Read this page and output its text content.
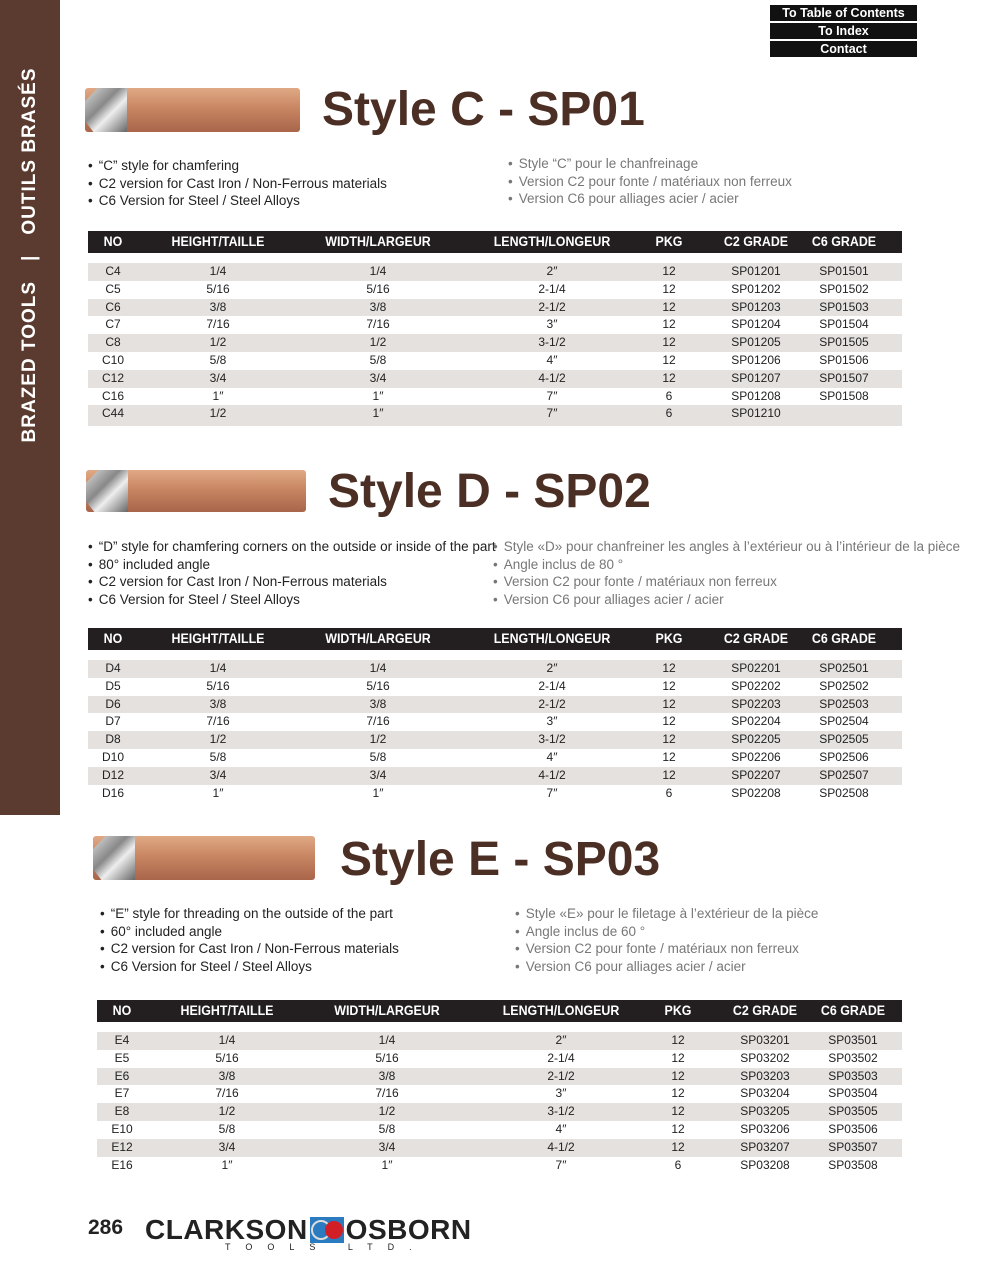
BRAZED TOOLS|OUTILS BRASÉS
To Table of Contents
To Index
Contact
Style C - SP01
• “C” style for chamfering
• C2 version for Cast Iron / Non-Ferrous materials
• C6 Version for Steel / Steel Alloys
• Style “C” pour le chanfreinage
• Version C2 pour fonte / matériaux non ferreux
• Version C6 pour alliages acier / acier
NO	HEIGHT/TAILLE	WIDTH/LARGEUR	LENGTH/LONGEUR	PKG	C2 GRADE	C6 GRADE
C4	1/4	1/4	2″	12	SP01201	SP01501
C5	5/16	5/16	2-1/4	12	SP01202	SP01502
C6	3/8	3/8	2-1/2	12	SP01203	SP01503
C7	7/16	7/16	3″	12	SP01204	SP01504
C8	1/2	1/2	3-1/2	12	SP01205	SP01505
C10	5/8	5/8	4″	12	SP01206	SP01506
C12	3/4	3/4	4-1/2	12	SP01207	SP01507
C16	1″	1″	7″	6	SP01208	SP01508
C44	1/2	1″	7″	6	SP01210
Style D - SP02
• “D” style for chamfering corners on the outside or inside of the part
• 80° included angle
• C2 version for Cast Iron / Non-Ferrous materials
• C6 Version for Steel / Steel Alloys
• Style «D» pour chanfreiner les angles à l’extérieur ou à l’intérieur de la pièce
• Angle inclus de 80 °
• Version C2 pour fonte / matériaux non ferreux
• Version C6 pour alliages acier / acier
NO	HEIGHT/TAILLE	WIDTH/LARGEUR	LENGTH/LONGEUR	PKG	C2 GRADE	C6 GRADE
D4	1/4	1/4	2″	12	SP02201	SP02501
D5	5/16	5/16	2-1/4	12	SP02202	SP02502
D6	3/8	3/8	2-1/2	12	SP02203	SP02503
D7	7/16	7/16	3″	12	SP02204	SP02504
D8	1/2	1/2	3-1/2	12	SP02205	SP02505
D10	5/8	5/8	4″	12	SP02206	SP02506
D12	3/4	3/4	4-1/2	12	SP02207	SP02507
D16	1″	1″	7″	6	SP02208	SP02508
Style E - SP03
• “E” style for threading on the outside of the part
• 60° included angle
• C2 version for Cast Iron / Non-Ferrous materials
• C6 Version for Steel / Steel Alloys
• Style «E» pour le filetage à l’extérieur de la pièce
• Angle inclus de 60 °
• Version C2 pour fonte / matériaux non ferreux
• Version C6 pour alliages acier / acier
NO	HEIGHT/TAILLE	WIDTH/LARGEUR	LENGTH/LONGEUR	PKG	C2 GRADE	C6 GRADE
E4	1/4	1/4	2″	12	SP03201	SP03501
E5	5/16	5/16	2-1/4	12	SP03202	SP03502
E6	3/8	3/8	2-1/2	12	SP03203	SP03503
E7	7/16	7/16	3″	12	SP03204	SP03504
E8	1/2	1/2	3-1/2	12	SP03205	SP03505
E10	5/8	5/8	4″	12	SP03206	SP03506
E12	3/4	3/4	4-1/2	12	SP03207	SP03507
E16	1″	1″	7″	6	SP03208	SP03508
286 CLARKSON OSBORN
TOOLS LTD.
